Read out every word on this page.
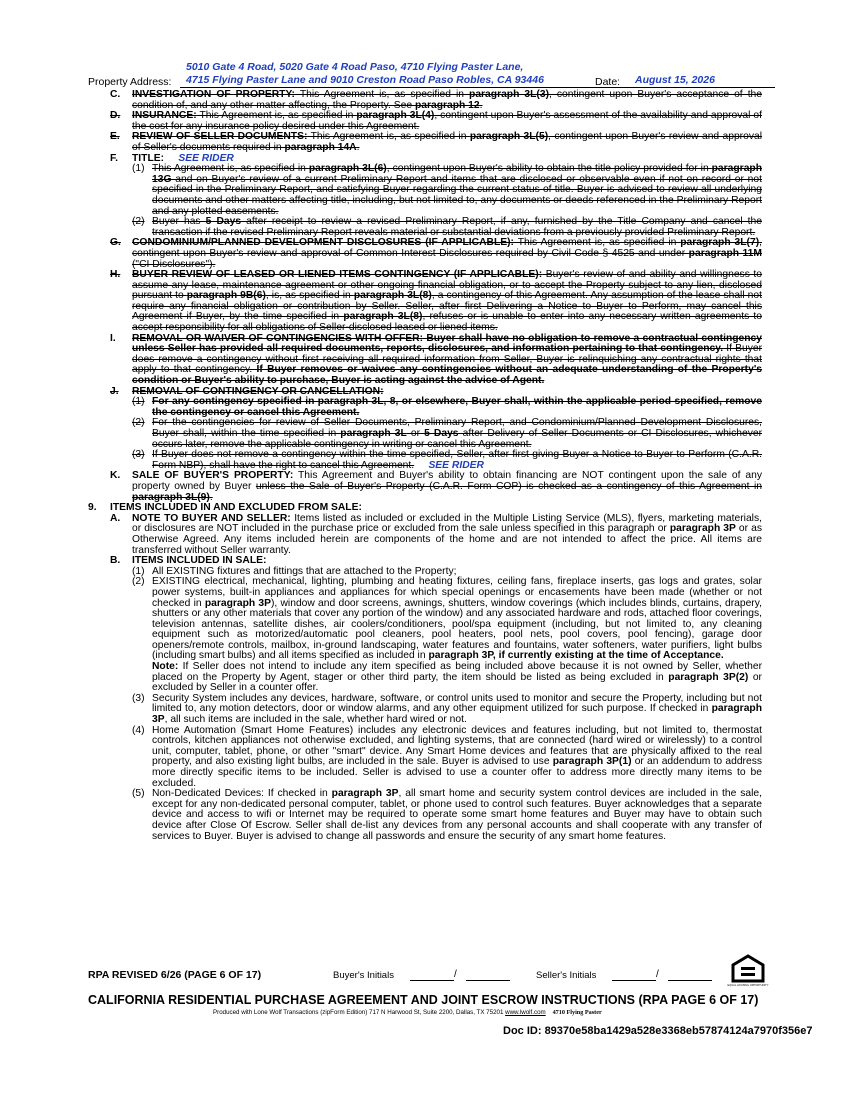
5010 Gate 4 Road, 5020 Gate 4 Road Paso, 4710 Flying Paster Lane,
Property Address:	4715 Flying Paster Lane and 9010 Creston Road Paso Robles, CA 93446	Date:	August 15, 2026
C.	INVESTIGATION OF PROPERTY: This Agreement is, as specified in paragraph 3L(3), contingent upon Buyer's acceptance of the condition of, and any other matter affecting, the Property. See paragraph 12.
D.	INSURANCE: This Agreement is, as specified in paragraph 3L(4), contingent upon Buyer's assessment of the availability and approval of the cost for any insurance policy desired under this Agreement.
E.	REVIEW OF SELLER DOCUMENTS: This Agreement is, as specified in paragraph 3L(5), contingent upon Buyer's review and approval of Seller's documents required in paragraph 14A.
F.	TITLE: SEE RIDER
(1) This Agreement is, as specified in paragraph 3L(6), contingent upon Buyer's ability to obtain the title policy provided for in paragraph 13G and on Buyer's review of a current Preliminary Report and items that are disclosed or observable even if not on record or not specified in the Preliminary Report, and satisfying Buyer regarding the current status of title. Buyer is advised to review all underlying documents and other matters affecting title, including, but not limited to, any documents or deeds referenced in the Preliminary Report and any plotted easements.
(2) Buyer has 5 Days after receipt to review a revised Preliminary Report, if any, furnished by the Title Company and cancel the transaction if the revised Preliminary Report reveals material or substantial deviations from a previously provided Preliminary Report.
G.	CONDOMINIUM/PLANNED DEVELOPMENT DISCLOSURES (IF APPLICABLE): This Agreement is, as specified in paragraph 3L(7), contingent upon Buyer's review and approval of Common Interest Disclosures required by Civil Code § 4525 and under paragraph 11M ("CI Disclosures").
H.	BUYER REVIEW OF LEASED OR LIENED ITEMS CONTINGENCY (IF APPLICABLE): Buyer's review of and ability and willingness to assume any lease, maintenance agreement or other ongoing financial obligation, or to accept the Property subject to any lien, disclosed pursuant to paragraph 9B(6), is, as specified in paragraph 3L(8), a contingency of this Agreement. Any assumption of the lease shall not require any financial obligation or contribution by Seller. Seller, after first Delivering a Notice to Buyer to Perform, may cancel this Agreement if Buyer, by the time specified in paragraph 3L(8), refuses or is unable to enter into any necessary written agreements to accept responsibility for all obligations of Seller-disclosed leased or liened items.
I.	REMOVAL OR WAIVER OF CONTINGENCIES WITH OFFER: Buyer shall have no obligation to remove a contractual contingency unless Seller has provided all required documents, reports, disclosures, and information pertaining to that contingency. If Buyer does remove a contingency without first receiving all required information from Seller, Buyer is relinquishing any contractual rights that apply to that contingency. If Buyer removes or waives any contingencies without an adequate understanding of the Property's condition or Buyer's ability to purchase, Buyer is acting against the advice of Agent.
J.	REMOVAL OF CONTINGENCY OR CANCELLATION:
(1) For any contingency specified in paragraph 3L, 8, or elsewhere, Buyer shall, within the applicable period specified, remove the contingency or cancel this Agreement.
(2) For the contingencies for review of Seller Documents, Preliminary Report, and Condominium/Planned Development Disclosures, Buyer shall, within the time specified in paragraph 3L or 5 Days after Delivery of Seller Documents or CI Disclosures, whichever occurs later, remove the applicable contingency in writing or cancel this Agreement.
(3) If Buyer does not remove a contingency within the time specified, Seller, after first giving Buyer a Notice to Buyer to Perform (C.A.R. Form NBP), shall have the right to cancel this Agreement. SEE RIDER
K.	SALE OF BUYER'S PROPERTY: This Agreement and Buyer's ability to obtain financing are NOT contingent upon the sale of any property owned by Buyer unless the Sale of Buyer's Property (C.A.R. Form COP) is checked as a contingency of this Agreement in paragraph 3L(9).
9.	ITEMS INCLUDED IN AND EXCLUDED FROM SALE:
A.	NOTE TO BUYER AND SELLER: Items listed as included or excluded in the Multiple Listing Service (MLS), flyers, marketing materials, or disclosures are NOT included in the purchase price or excluded from the sale unless specified in this paragraph or paragraph 3P or as Otherwise Agreed. Any items included herein are components of the home and are not intended to affect the price. All items are transferred without Seller warranty.
B.	ITEMS INCLUDED IN SALE:
(1) All EXISTING fixtures and fittings that are attached to the Property;
(2) EXISTING electrical, mechanical, lighting, plumbing and heating fixtures, ceiling fans, fireplace inserts, gas logs and grates, solar power systems, built-in appliances and appliances for which special openings or encasements have been made (whether or not checked in paragraph 3P), window and door screens, awnings, shutters, window coverings (which includes blinds, curtains, drapery, shutters or any other materials that cover any portion of the window) and any associated hardware and rods, attached floor coverings, television antennas, satellite dishes, air coolers/conditioners, pool/spa equipment (including, but not limited to, any cleaning equipment such as motorized/automatic pool cleaners, pool heaters, pool nets, pool covers, pool fencing), garage door openers/remote controls, mailbox, in-ground landscaping, water features and fountains, water softeners, water purifiers, light bulbs (including smart bulbs) and all items specified as included in paragraph 3P, if currently existing at the time of Acceptance.
Note: If Seller does not intend to include any item specified as being included above because it is not owned by Seller, whether placed on the Property by Agent, stager or other third party, the item should be listed as being excluded in paragraph 3P(2) or excluded by Seller in a counter offer.
(3) Security System includes any devices, hardware, software, or control units used to monitor and secure the Property, including but not limited to, any motion detectors, door or window alarms, and any other equipment utilized for such purpose. If checked in paragraph 3P, all such items are included in the sale, whether hard wired or not.
(4) Home Automation (Smart Home Features) includes any electronic devices and features including, but not limited to, thermostat controls, kitchen appliances not otherwise excluded, and lighting systems, that are connected (hard wired or wirelessly) to a control unit, computer, tablet, phone, or other "smart" device. Any Smart Home devices and features that are physically affixed to the real property, and also existing light bulbs, are included in the sale. Buyer is advised to use paragraph 3P(1) or an addendum to address more directly specific items to be included. Seller is advised to use a counter offer to address more directly many items to be excluded.
(5) Non-Dedicated Devices: If checked in paragraph 3P, all smart home and security system control devices are included in the sale, except for any non-dedicated personal computer, tablet, or phone used to control such features. Buyer acknowledges that a separate device and access to wifi or Internet may be required to operate some smart home features and Buyer may have to obtain such device after Close Of Escrow. Seller shall de-list any devices from any personal accounts and shall cooperate with any transfer of services to Buyer. Buyer is advised to change all passwords and ensure the security of any smart home features.
RPA REVISED 6/26 (PAGE 6 OF 17)	Buyer's Initials	/	Seller's Initials	/
EQUAL HOUSING OPPORTUNITY
CALIFORNIA RESIDENTIAL PURCHASE AGREEMENT AND JOINT ESCROW INSTRUCTIONS (RPA PAGE 6 OF 17)
Produced with Lone Wolf Transactions (zipForm Edition) 717 N Harwood St, Suite 2200, Dallas, TX 75201 www.lwolf.com 4710 Flying Paster
Doc ID: 89370e58ba1429a528e3368eb57874124a7970f356e7
